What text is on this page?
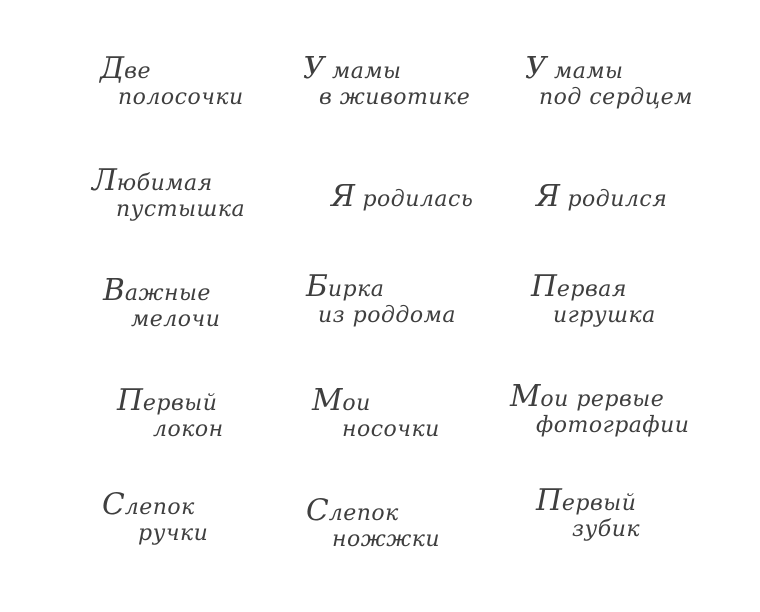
Две
полосочки
У мамы
в животике
У мамы
под сердцем
Любимая
пустышка	Я родилась	Я родился
Важные
мелочи
Бирка
из роддома
Первая
игрушка
Первый
локон
Мои
носочки
Мои рервые
фотографии
Слепок
ручки
Слепок
ножжки
Первый
зубик
